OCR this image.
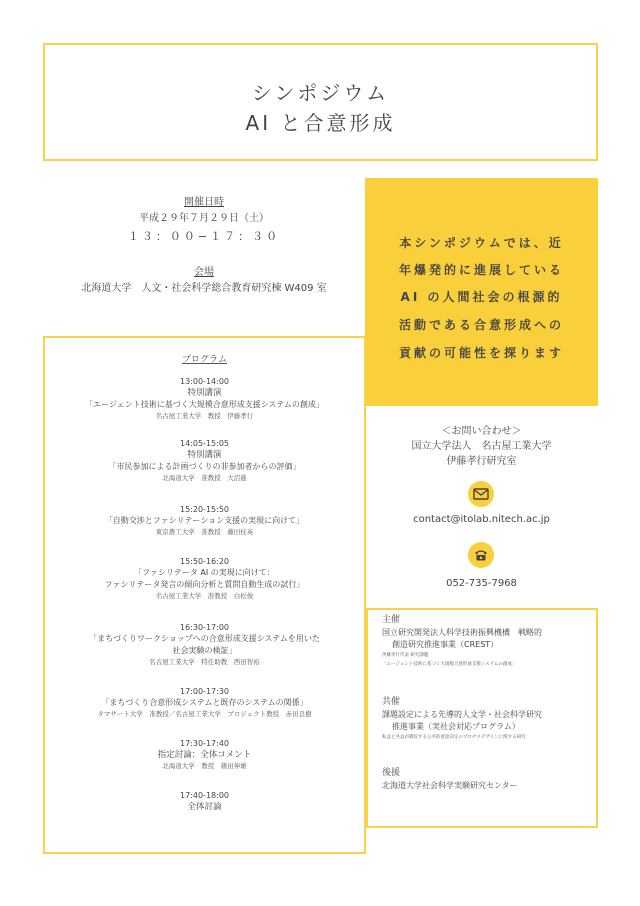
シンポジウム
AI と合意形成
開催日時
平成２９年７月２９日（土）
１３：００−１７：３０
会場
北海道大学　人文・社会科学総合教育研究棟 W409 室
本シンポジウムでは、近
年爆発的に進展している
AI の人間社会の根源的
活動である合意形成への
貢献の可能性を探ります
プログラム
13:00-14:00
特別講演
「エージェント技術に基づく大規模合意形成支援システムの創成」
名古屋工業大学　教授　伊藤孝行
14:05-15:05
特別講演
「市民参加による計画づくりの非参加者からの評価」
北海道大学　准教授　大沼進
15:20-15:50
「自動交渉とファシリテーション支援の実現に向けて」
東京農工大学　准教授　藤田桂英
15:50-16:20
「ファシリテータ AI の実現に向けて：
ファシリテータ発言の傾向分析と質問自動生成の試行」
名古屋工業大学　准教授　白松俊
16:30-17:00
「まちづくりワークショップへの合意形成支援システムを用いた
社会実験の検証」
名古屋工業大学　特任助教　西田智裕
17:00-17:30
「まちづくり合意形成システムと既存のシステムの関係」
タマサート大学　准教授／名古屋工業大学　プロジェクト教授　赤田良樹
17:30-17:40
指定討論：全体コメント
北海道大学　教授　篠田伸雄
17:40-18:00
全体討論
＜お問い合わせ＞
国立大学法人　名古屋工業大学
伊藤孝行研究室
contact@itolab.nitech.ac.jp
052-735-7968
主催
国立研究開発法人科学技術振興機構　戦略的
創造研究推進事業（CREST）
伊藤孝行代表 研究課題
「エージェント技術に基づく大規模合意形成支援システムの創成」
共催
課題設定による先導的人文学・社会科学研究
推進事業（実社会対応プログラム）
私益と共益が錯綜する公共的意思決定のプロセスデザインに関する研究
後援
北海道大学社会科学実験研究センター
